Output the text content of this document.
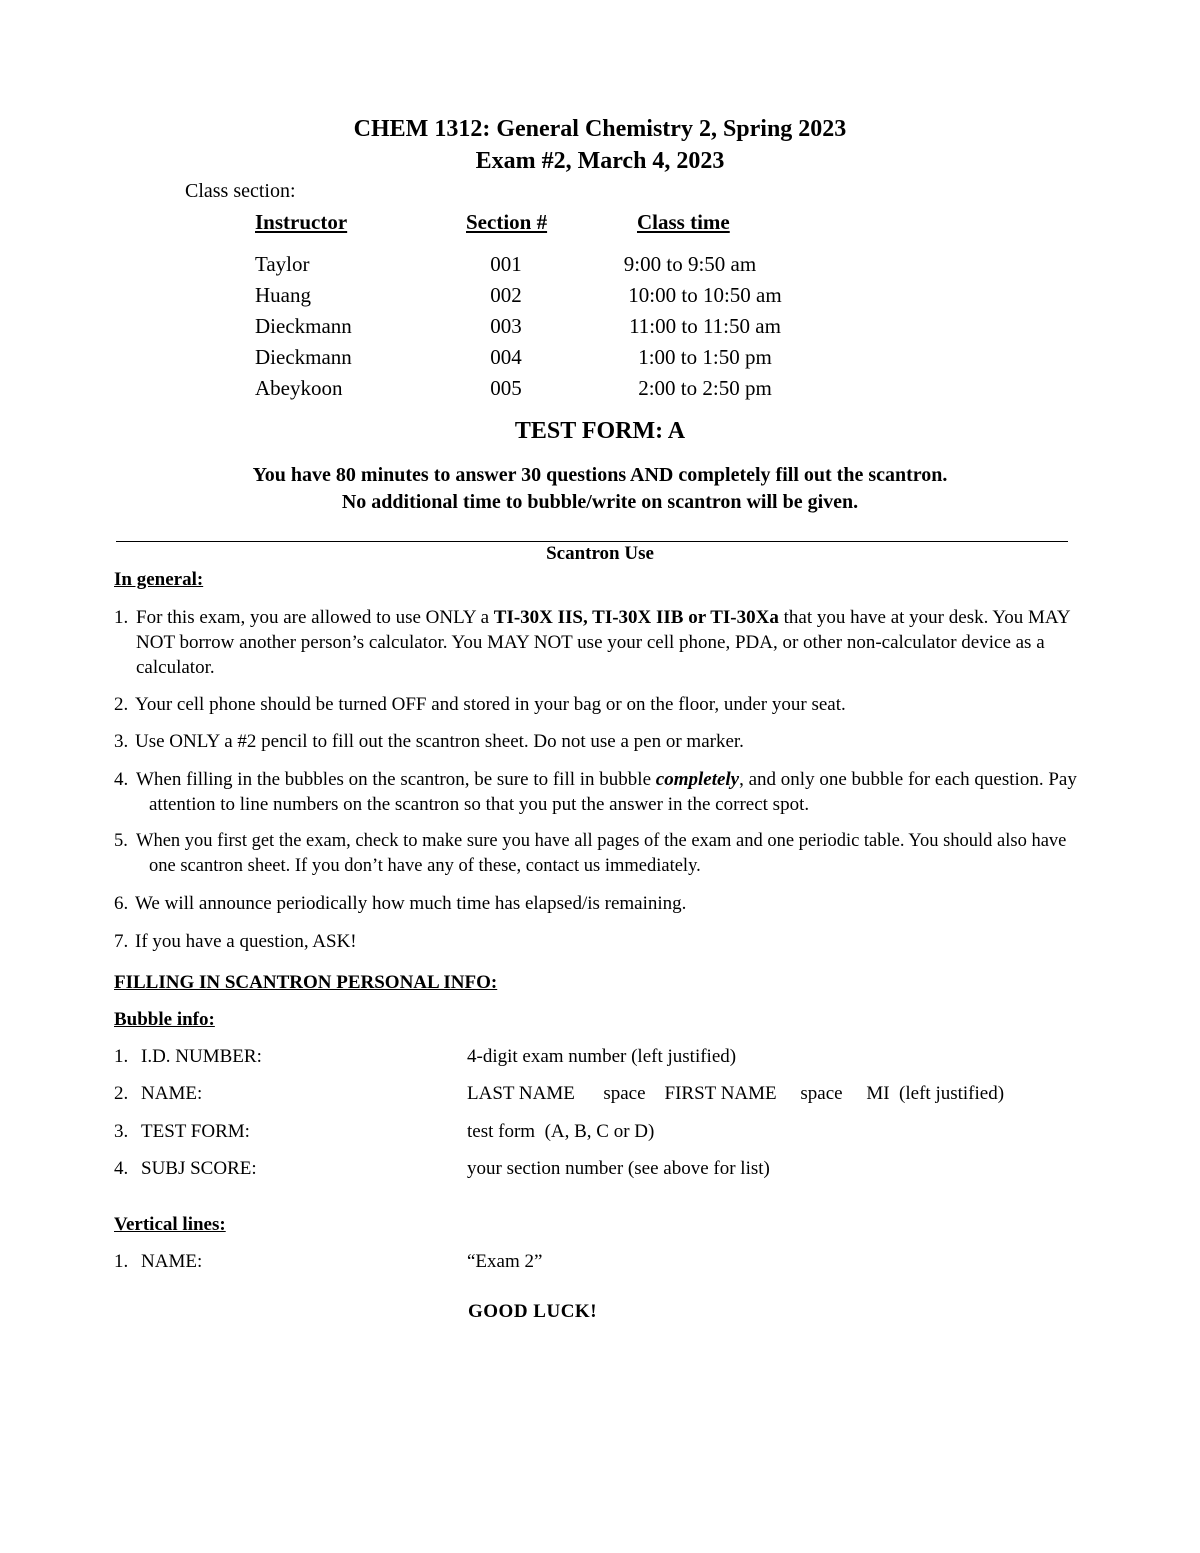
CHEM 1312: General Chemistry 2, Spring 2023
Exam #2, March 4, 2023
Class section:
Instructor	Section #	Class time
Taylor	001	9:00 to 9:50 am
Huang	002	10:00 to 10:50 am
Dieckmann	003	11:00 to 11:50 am
Dieckmann	004	1:00 to 1:50 pm
Abeykoon	005	2:00 to 2:50 pm
TEST FORM: A
You have 80 minutes to answer 30 questions AND completely fill out the scantron.
No additional time to bubble/write on scantron will be given.
Scantron Use
In general:
1. For this exam, you are allowed to use ONLY a TI-30X IIS, TI-30X IIB or TI-30Xa that you have at your desk. You MAY NOT borrow another person’s calculator. You MAY NOT use your cell phone, PDA, or other non-calculator device as a calculator.
2. Your cell phone should be turned OFF and stored in your bag or on the floor, under your seat.
3. Use ONLY a #2 pencil to fill out the scantron sheet. Do not use a pen or marker.
4. When filling in the bubbles on the scantron, be sure to fill in bubble completely, and only one bubble for each question. Pay attention to line numbers on the scantron so that you put the answer in the correct spot.
5. When you first get the exam, check to make sure you have all pages of the exam and one periodic table. You should also have one scantron sheet. If you don’t have any of these, contact us immediately.
6. We will announce periodically how much time has elapsed/is remaining.
7. If you have a question, ASK!
FILLING IN SCANTRON PERSONAL INFO:
Bubble info:
1. I.D. NUMBER:	4-digit exam number (left justified)
2. NAME:	LAST NAME      space    FIRST NAME     space     MI  (left justified)
3. TEST FORM:	test form  (A, B, C or D)
4. SUBJ SCORE:	your section number (see above for list)
Vertical lines:
1. NAME:	“Exam 2”
GOOD LUCK!
